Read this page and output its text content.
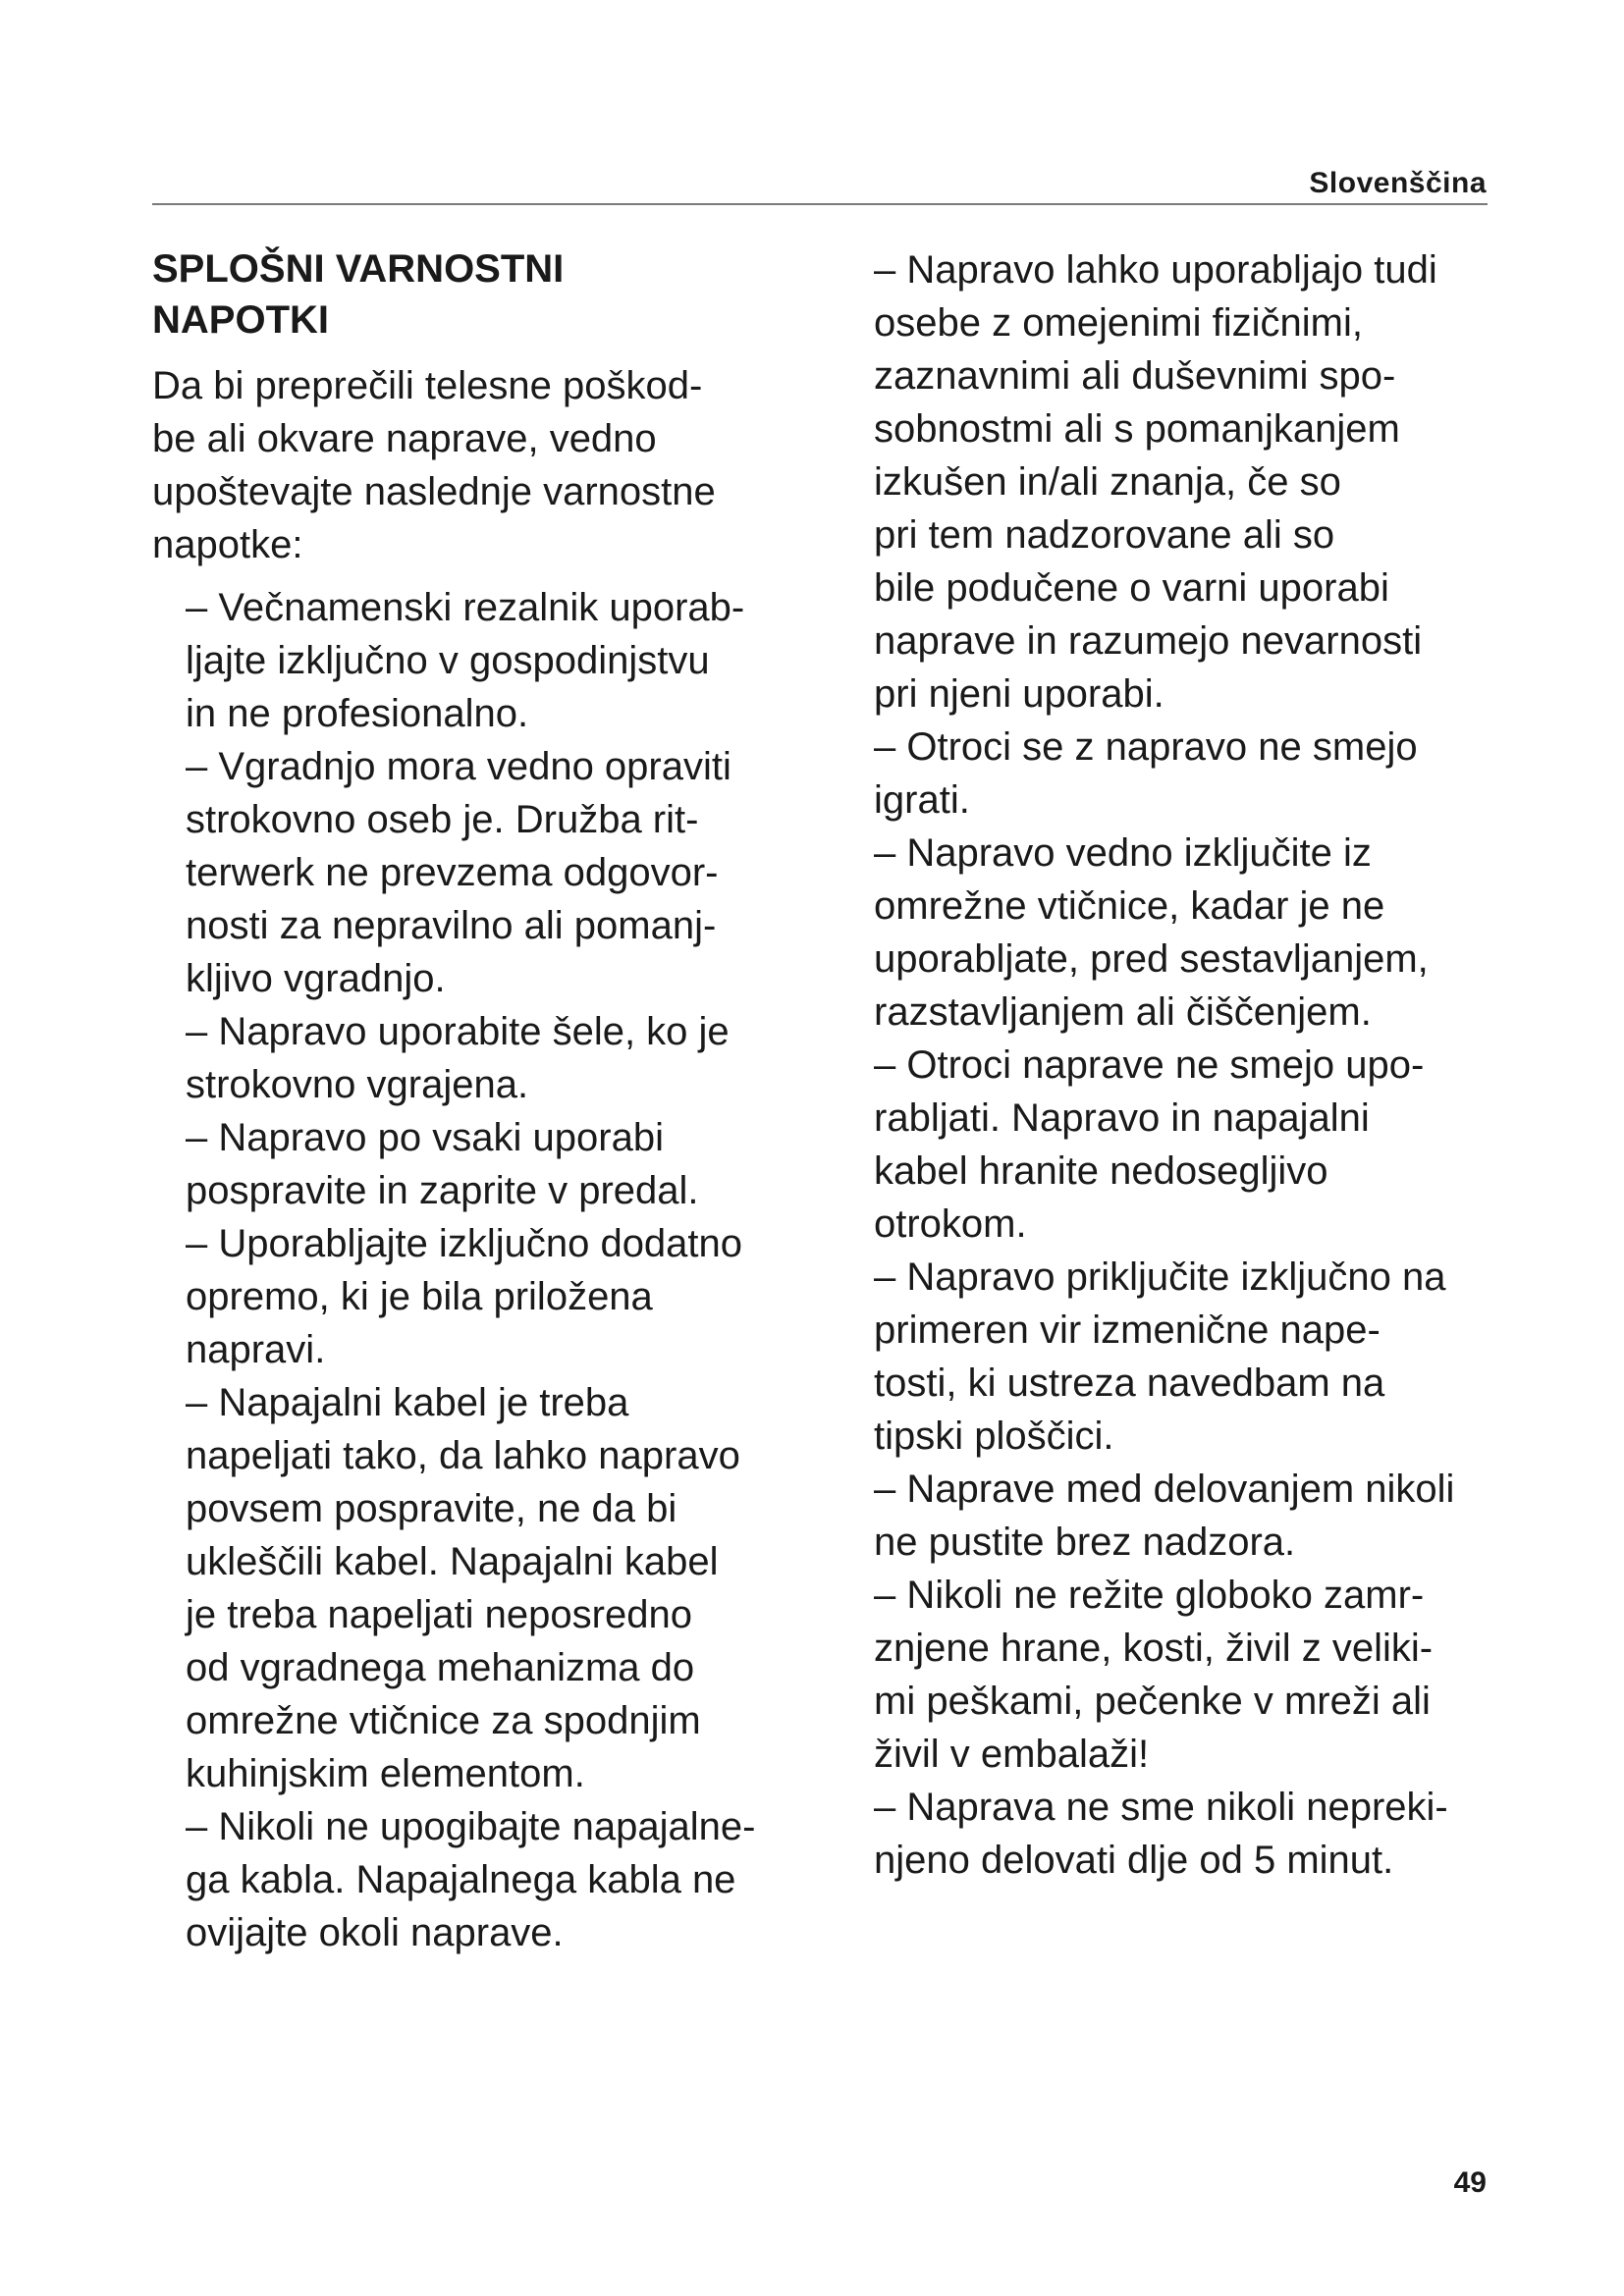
Slovenščina
SPLOŠNI VARNOSTNI
NAPOTKI

Da bi preprečili telesne poškod-
be ali okvare naprave, vedno
upoštevajte naslednje varnostne
napotke:

– Večnamenski rezalnik uporab-
ljajte izključno v gospodinjstvu
in ne profesionalno.

– Vgradnjo mora vedno opraviti
strokovno oseb je. Družba rit-
terwerk ne prevzema odgovor-
nosti za nepravilno ali pomanj-
kljivo vgradnjo.

– Napravo uporabite šele, ko je
strokovno vgrajena.

– Napravo po vsaki uporabi
pospravite in zaprite v predal.

– Uporabljajte izključno dodatno
opremo, ki je bila priložena
napravi.

– Napajalni kabel je treba
napeljati tako, da lahko napravo
povsem pospravite, ne da bi
ukleščili kabel. Napajalni kabel
je treba napeljati neposredno
od vgradnega mehanizma do
omrežne vtičnice za spodnjim
kuhinjskim elementom.

– Nikoli ne upogibajte napajalne-
ga kabla. Napajalnega kabla ne
ovijajte okoli naprave.

– Napravo lahko uporabljajo tudi
osebe z omejenimi fizičnimi,
zaznavnimi ali duševnimi spo-
sobnostmi ali s pomanjkanjem
izkušen in/ali znanja, če so
pri tem nadzorovane ali so
bile podučene o varni uporabi
naprave in razumejo nevarnosti
pri njeni uporabi.

– Otroci se z napravo ne smejo
igrati.

– Napravo vedno izključite iz
omrežne vtičnice, kadar je ne
uporabljate, pred sestavljanjem,
razstavljanjem ali čiščenjem.

– Otroci naprave ne smejo upo-
rabljati. Napravo in napajalni
kabel hranite nedosegljivo
otrokom.

– Napravo priključite izključno na
primeren vir izmenične nape-
tosti, ki ustreza navedbam na
tipski ploščici.

– Naprave med delovanjem nikoli
ne pustite brez nadzora.

– Nikoli ne režite globoko zamr-
znjene hrane, kosti, živil z veliki-
mi peškami, pečenke v mreži ali
živil v embalaži!

– Naprava ne sme nikoli nepreki-
njeno delovati dlje od 5 minut.

49
